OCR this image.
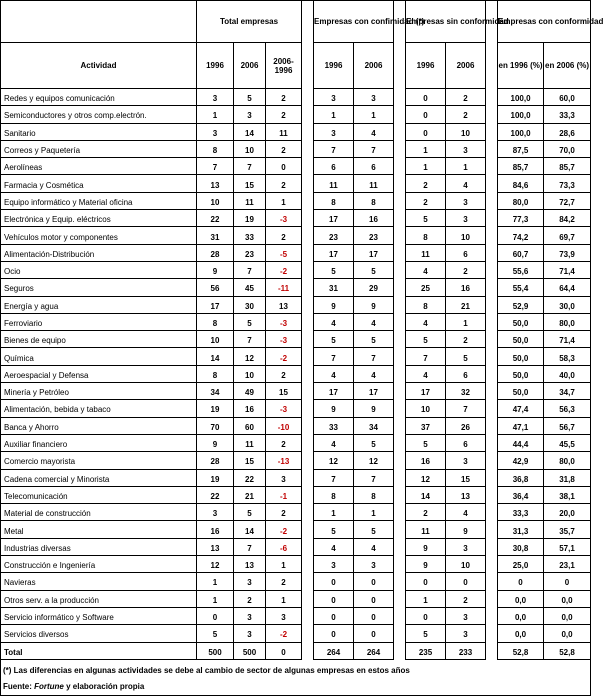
	Total empresas				Empresas con confimidad (*)			Empresas sin conformidad			Empresas con conformidad	
Actividad	1996	2006	2006-1996		1996	2006		1996	2006		en 1996 (%)	en 2006 (%)
Redes y equipos comunicación	3	5	2		3	3		0	2		100,0	60,0
Semiconductores y otros comp.electrón.	1	3	2		1	1		0	2		100,0	33,3
Sanitario	3	14	11		3	4		0	10		100,0	28,6
Correos y Paquetería	8	10	2		7	7		1	3		87,5	70,0
Aerolíneas	7	7	0		6	6		1	1		85,7	85,7
Farmacia y Cosmética	13	15	2		11	11		2	4		84,6	73,3
Equipo informático y Material oficina	10	11	1		8	8		2	3		80,0	72,7
Electrónica y Equip. eléctricos	22	19	-3		17	16		5	3		77,3	84,2
Vehículos motor y componentes	31	33	2		23	23		8	10		74,2	69,7
Alimentación-Distribución	28	23	-5		17	17		11	6		60,7	73,9
Ocio	9	7	-2		5	5		4	2		55,6	71,4
Seguros	56	45	-11		31	29		25	16		55,4	64,4
Energía y agua	17	30	13		9	9		8	21		52,9	30,0
Ferroviario	8	5	-3		4	4		4	1		50,0	80,0
Bienes de equipo	10	7	-3		5	5		5	2		50,0	71,4
Química	14	12	-2		7	7		7	5		50,0	58,3
Aeroespacial y Defensa	8	10	2		4	4		4	6		50,0	40,0
Minería y Petróleo	34	49	15		17	17		17	32		50,0	34,7
Alimentación, bebida y tabaco	19	16	-3		9	9		10	7		47,4	56,3
Banca y Ahorro	70	60	-10		33	34		37	26		47,1	56,7
Auxiliar financiero	9	11	2		4	5		5	6		44,4	45,5
Comercio mayorista	28	15	-13		12	12		16	3		42,9	80,0
Cadena comercial y Minorista	19	22	3		7	7		12	15		36,8	31,8
Telecomunicación	22	21	-1		8	8		14	13		36,4	38,1
Material de construcción	3	5	2		1	1		2	4		33,3	20,0
Metal	16	14	-2		5	5		11	9		31,3	35,7
Industrias diversas	13	7	-6		4	4		9	3		30,8	57,1
Construcción e Ingeniería	12	13	1		3	3		9	10		25,0	23,1
Navieras	1	3	2		0	0		0	0		0	0
Otros serv. a la producción	1	2	1		0	0		1	2		0,0	0,0
Servicio informático y Software	0	3	3		0	0		0	3		0,0	0,0
Servicios diversos	5	3	-2		0	0		5	3		0,0	0,0
Total	500	500	0		264	264		235	233		52,8	52,8
(*) Las diferencias en algunas actividades se debe al cambio de sector de algunas empresas en estos años
Fuente: Fortune y elaboración propia
